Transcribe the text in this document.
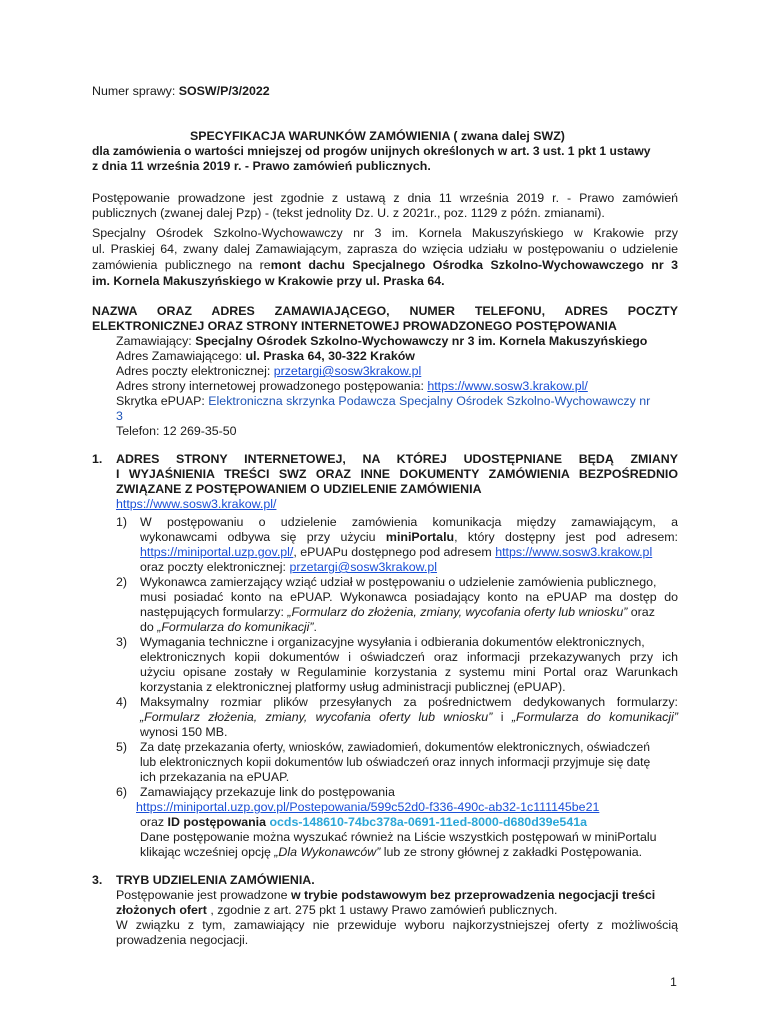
Numer sprawy: SOSW/P/3/2022
SPECYFIKACJA WARUNKÓW ZAMÓWIENIA ( zwana dalej SWZ)
dla zamówienia o wartości mniejszej od progów unijnych określonych w art. 3 ust. 1 pkt 1 ustawy
z dnia 11 września 2019 r. - Prawo zamówień publicznych.
Postępowanie prowadzone jest zgodnie z ustawą z dnia 11 września 2019 r. - Prawo zamówień
publicznych (zwanej dalej Pzp) - (tekst jednolity Dz. U. z 2021r., poz. 1129 z późn. zmianami).
Specjalny Ośrodek Szkolno-Wychowawczy nr 3 im. Kornela Makuszyńskiego w Krakowie przy
ul. Praskiej 64, zwany dalej Zamawiającym, zaprasza do wzięcia udziału w postępowaniu o udzielenie
zamówienia publicznego na remont dachu Specjalnego Ośrodka Szkolno-Wychowawczego nr 3
im. Kornela Makuszyńskiego w Krakowie przy ul. Praska 64.
NAZWA ORAZ ADRES ZAMAWIAJĄCEGO, NUMER TELEFONU, ADRES POCZTY
ELEKTRONICZNEJ ORAZ STRONY INTERNETOWEJ PROWADZONEGO POSTĘPOWANIA
Zamawiający: Specjalny Ośrodek Szkolno-Wychowawczy nr 3 im. Kornela Makuszyńskiego
Adres Zamawiającego: ul. Praska 64, 30-322 Kraków
Adres poczty elektronicznej: przetargi@sosw3krakow.pl
Adres strony internetowej prowadzonego postępowania: https://www.sosw3.krakow.pl/
Skrytka ePUAP: Elektroniczna skrzynka Podawcza Specjalny Ośrodek Szkolno-Wychowawczy nr
3
Telefon: 12 269-35-50
1. ADRES STRONY INTERNETOWEJ, NA KTÓREJ UDOSTĘPNIANE BĘDĄ ZMIANY
I WYJAŚNIENIA TREŚCI SWZ ORAZ INNE DOKUMENTY ZAMÓWIENIA BEZPOŚREDNIO
ZWIĄZANE Z POSTĘPOWANIEM O UDZIELENIE ZAMÓWIENIA
https://www.sosw3.krakow.pl/
1) W postępowaniu o udzielenie zamówienia komunikacja między zamawiającym, a
wykonawcami odbywa się przy użyciu miniPortalu, który dostępny jest pod adresem:
https://miniportal.uzp.gov.pl/, ePUAPu dostępnego pod adresem https://www.sosw3.krakow.pl
oraz poczty elektronicznej: przetargi@sosw3krakow.pl
2) Wykonawca zamierzający wziąć udział w postępowaniu o udzielenie zamówienia publicznego,
musi posiadać konto na ePUAP. Wykonawca posiadający konto na ePUAP ma dostęp do
następujących formularzy: „Formularz do złożenia, zmiany, wycofania oferty lub wniosku” oraz
do „Formularza do komunikacji”.
3) Wymagania techniczne i organizacyjne wysyłania i odbierania dokumentów elektronicznych,
elektronicznych kopii dokumentów i oświadczeń oraz informacji przekazywanych przy ich
użyciu opisane zostały w Regulaminie korzystania z systemu mini Portal oraz Warunkach
korzystania z elektronicznej platformy usług administracji publicznej (ePUAP).
4) Maksymalny rozmiar plików przesyłanych za pośrednictwem dedykowanych formularzy:
„Formularz złożenia, zmiany, wycofania oferty lub wniosku” i „Formularza do komunikacji”
wynosi 150 MB.
5) Za datę przekazania oferty, wniosków, zawiadomień, dokumentów elektronicznych, oświadczeń
lub elektronicznych kopii dokumentów lub oświadczeń oraz innych informacji przyjmuje się datę
ich przekazania na ePUAP.
6) Zamawiający przekazuje link do postępowania
https://miniportal.uzp.gov.pl/Postepowania/599c52d0-f336-490c-ab32-1c111145be21
oraz ID postępowania ocds-148610-74bc378a-0691-11ed-8000-d680d39e541a
Dane postępowanie można wyszukać również na Liście wszystkich postępowań w miniPortalu
klikając wcześniej opcję „Dla Wykonawców” lub ze strony głównej z zakładki Postępowania.
3. TRYB UDZIELENIA ZAMÓWIENIA.
Postępowanie jest prowadzone w trybie podstawowym bez przeprowadzenia negocjacji treści
złożonych ofert , zgodnie z art. 275 pkt 1 ustawy Prawo zamówień publicznych.
W związku z tym, zamawiający nie przewiduje wyboru najkorzystniejszej oferty z możliwością
prowadzenia negocjacji.
1
